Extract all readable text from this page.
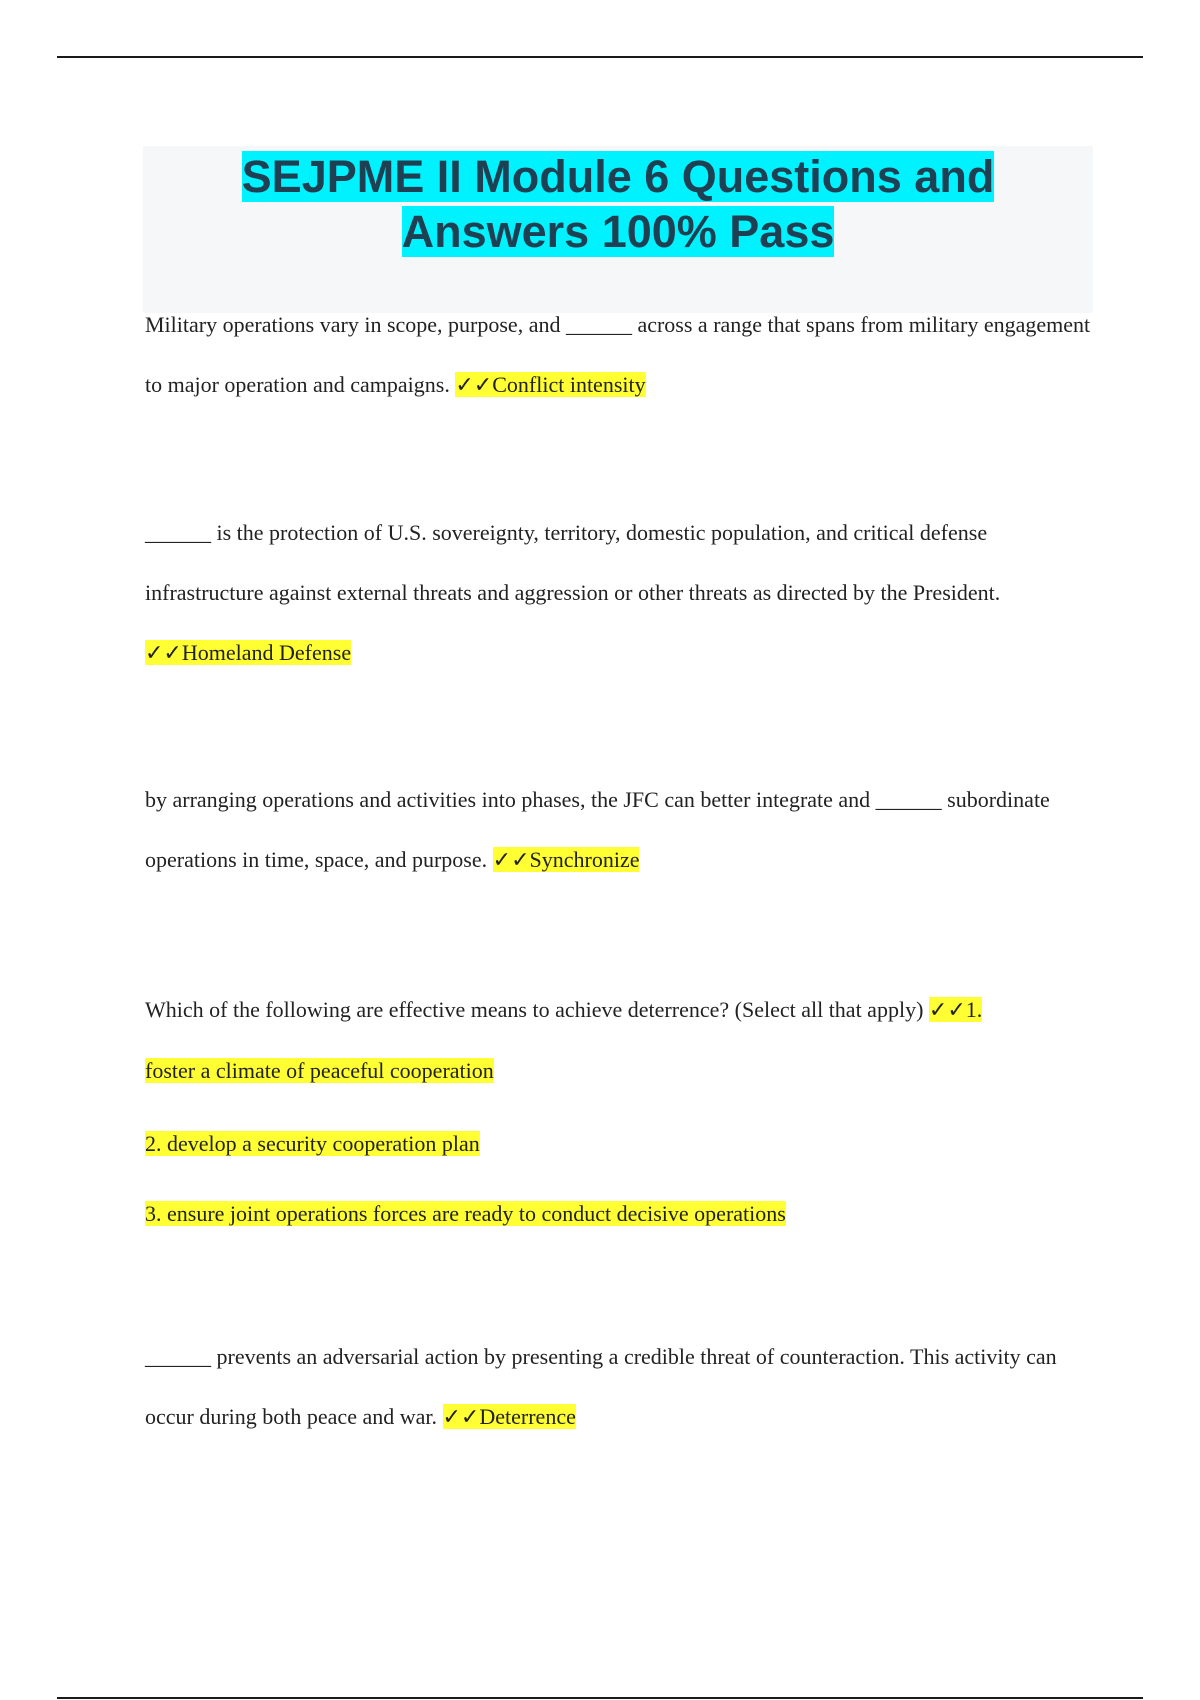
SEJPME II Module 6 Questions and
Answers 100% Pass

Military operations vary in scope, purpose, and ______ across a range that spans from military engagement to major operation and campaigns. ✓✓Conflict intensity

______ is the protection of U.S. sovereignty, territory, domestic population, and critical defense infrastructure against external threats and aggression or other threats as directed by the President. ✓✓Homeland Defense

by arranging operations and activities into phases, the JFC can better integrate and ______ subordinate operations in time, space, and purpose. ✓✓Synchronize

Which of the following are effective means to achieve deterrence? (Select all that apply) ✓✓1.

foster a climate of peaceful cooperation

2. develop a security cooperation plan

3. ensure joint operations forces are ready to conduct decisive operations

______ prevents an adversarial action by presenting a credible threat of counteraction. This activity can occur during both peace and war. ✓✓Deterrence
